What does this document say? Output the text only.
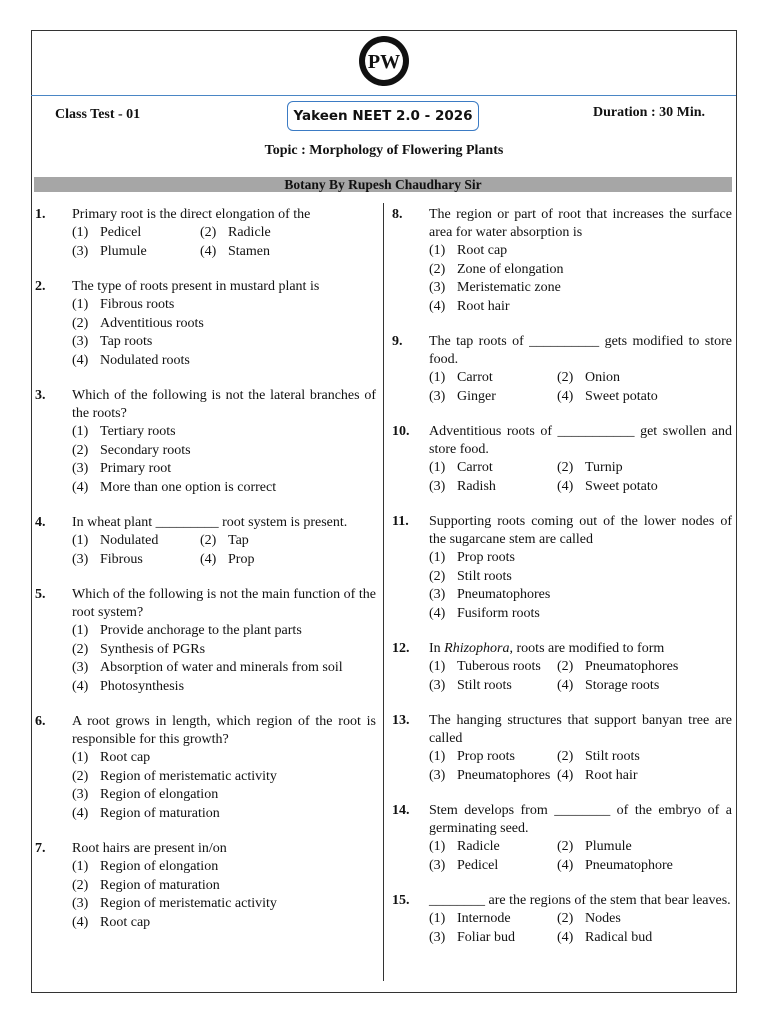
PW
Class Test - 01	Yakeen NEET 2.0 - 2026	Duration : 30 Min.
Topic : Morphology of Flowering Plants
Botany By Rupesh Chaudhary Sir
1. Primary root is the direct elongation of the
(1) Pedicel	(2) Radicle
(3) Plumule	(4) Stamen
2. The type of roots present in mustard plant is
(1) Fibrous roots
(2) Adventitious roots
(3) Tap roots
(4) Nodulated roots
3. Which of the following is not the lateral branches of the roots?
(1) Tertiary roots
(2) Secondary roots
(3) Primary root
(4) More than one option is correct
4. In wheat plant _________ root system is present.
(1) Nodulated	(2) Tap
(3) Fibrous	(4) Prop
5. Which of the following is not the main function of the root system?
(1) Provide anchorage to the plant parts
(2) Synthesis of PGRs
(3) Absorption of water and minerals from soil
(4) Photosynthesis
6. A root grows in length, which region of the root is responsible for this growth?
(1) Root cap
(2) Region of meristematic activity
(3) Region of elongation
(4) Region of maturation
7. Root hairs are present in/on
(1) Region of elongation
(2) Region of maturation
(3) Region of meristematic activity
(4) Root cap
8. The region or part of root that increases the surface area for water absorption is
(1) Root cap
(2) Zone of elongation
(3) Meristematic zone
(4) Root hair
9. The tap roots of __________ gets modified to store food.
(1) Carrot	(2) Onion
(3) Ginger	(4) Sweet potato
10. Adventitious roots of ___________ get swollen and store food.
(1) Carrot	(2) Turnip
(3) Radish	(4) Sweet potato
11. Supporting roots coming out of the lower nodes of the sugarcane stem are called
(1) Prop roots
(2) Stilt roots
(3) Pneumatophores
(4) Fusiform roots
12. In Rhizophora, roots are modified to form
(1) Tuberous roots (2) Pneumatophores
(3) Stilt roots	(4) Storage roots
13. The hanging structures that support banyan tree are called
(1) Prop roots	(2) Stilt roots
(3) Pneumatophores (4) Root hair
14. Stem develops from ________ of the embryo of a germinating seed.
(1) Radicle	(2) Plumule
(3) Pedicel	(4) Pneumatophore
15. ________ are the regions of the stem that bear leaves.
(1) Internode	(2) Nodes
(3) Foliar bud	(4) Radical bud
